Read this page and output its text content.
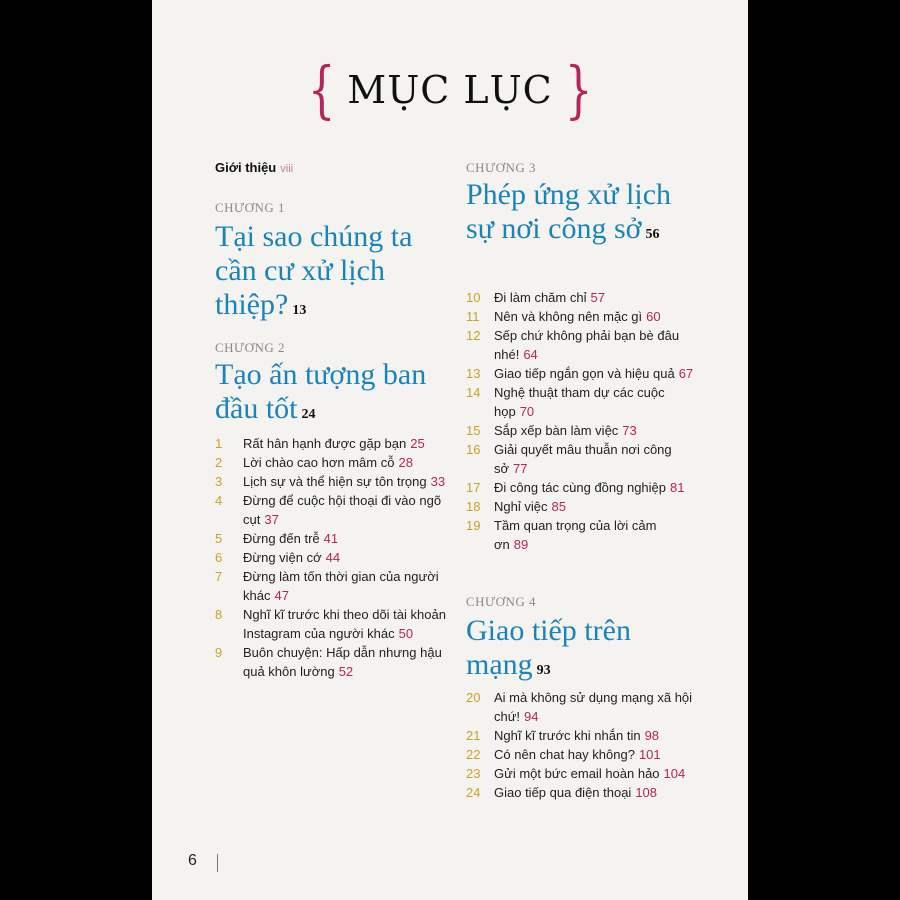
{ MỤC LỤC }
Giới thiệu viii
CHƯƠNG 1
Tại sao chúng ta cần cư xử lịch thiệp? 13
CHƯƠNG 2
Tạo ấn tượng ban đầu tốt 24
1	Rất hân hạnh được gặp bạn 25
2	Lời chào cao hơn mâm cỗ 28
3	Lịch sự và thể hiện sự tôn trọng 33
4	Đừng để cuộc hội thoại đi vào ngõ cụt 37
5	Đừng đến trễ 41
6	Đừng viện cớ 44
7	Đừng làm tốn thời gian của người khác 47
8	Nghĩ kĩ trước khi theo dõi tài khoản Instagram của người khác 50
9	Buôn chuyện: Hấp dẫn nhưng hậu quả khôn lường 52
CHƯƠNG 3
Phép ứng xử lịch sự nơi công sở 56
10	Đi làm chăm chỉ 57
11	Nên và không nên mặc gì 60
12	Sếp chứ không phải bạn bè đâu nhé! 64
13	Giao tiếp ngắn gọn và hiệu quả 67
14	Nghệ thuật tham dự các cuộc họp 70
15	Sắp xếp bàn làm việc 73
16	Giải quyết mâu thuẫn nơi công sở 77
17	Đi công tác cùng đồng nghiệp 81
18	Nghỉ việc 85
19	Tầm quan trọng của lời cảm ơn 89
CHƯƠNG 4
Giao tiếp trên mạng 93
20	Ai mà không sử dụng mạng xã hội chứ! 94
21	Nghĩ kĩ trước khi nhắn tin 98
22	Có nên chat hay không? 101
23	Gửi một bức email hoàn hảo 104
24	Giao tiếp qua điện thoại 108
6
